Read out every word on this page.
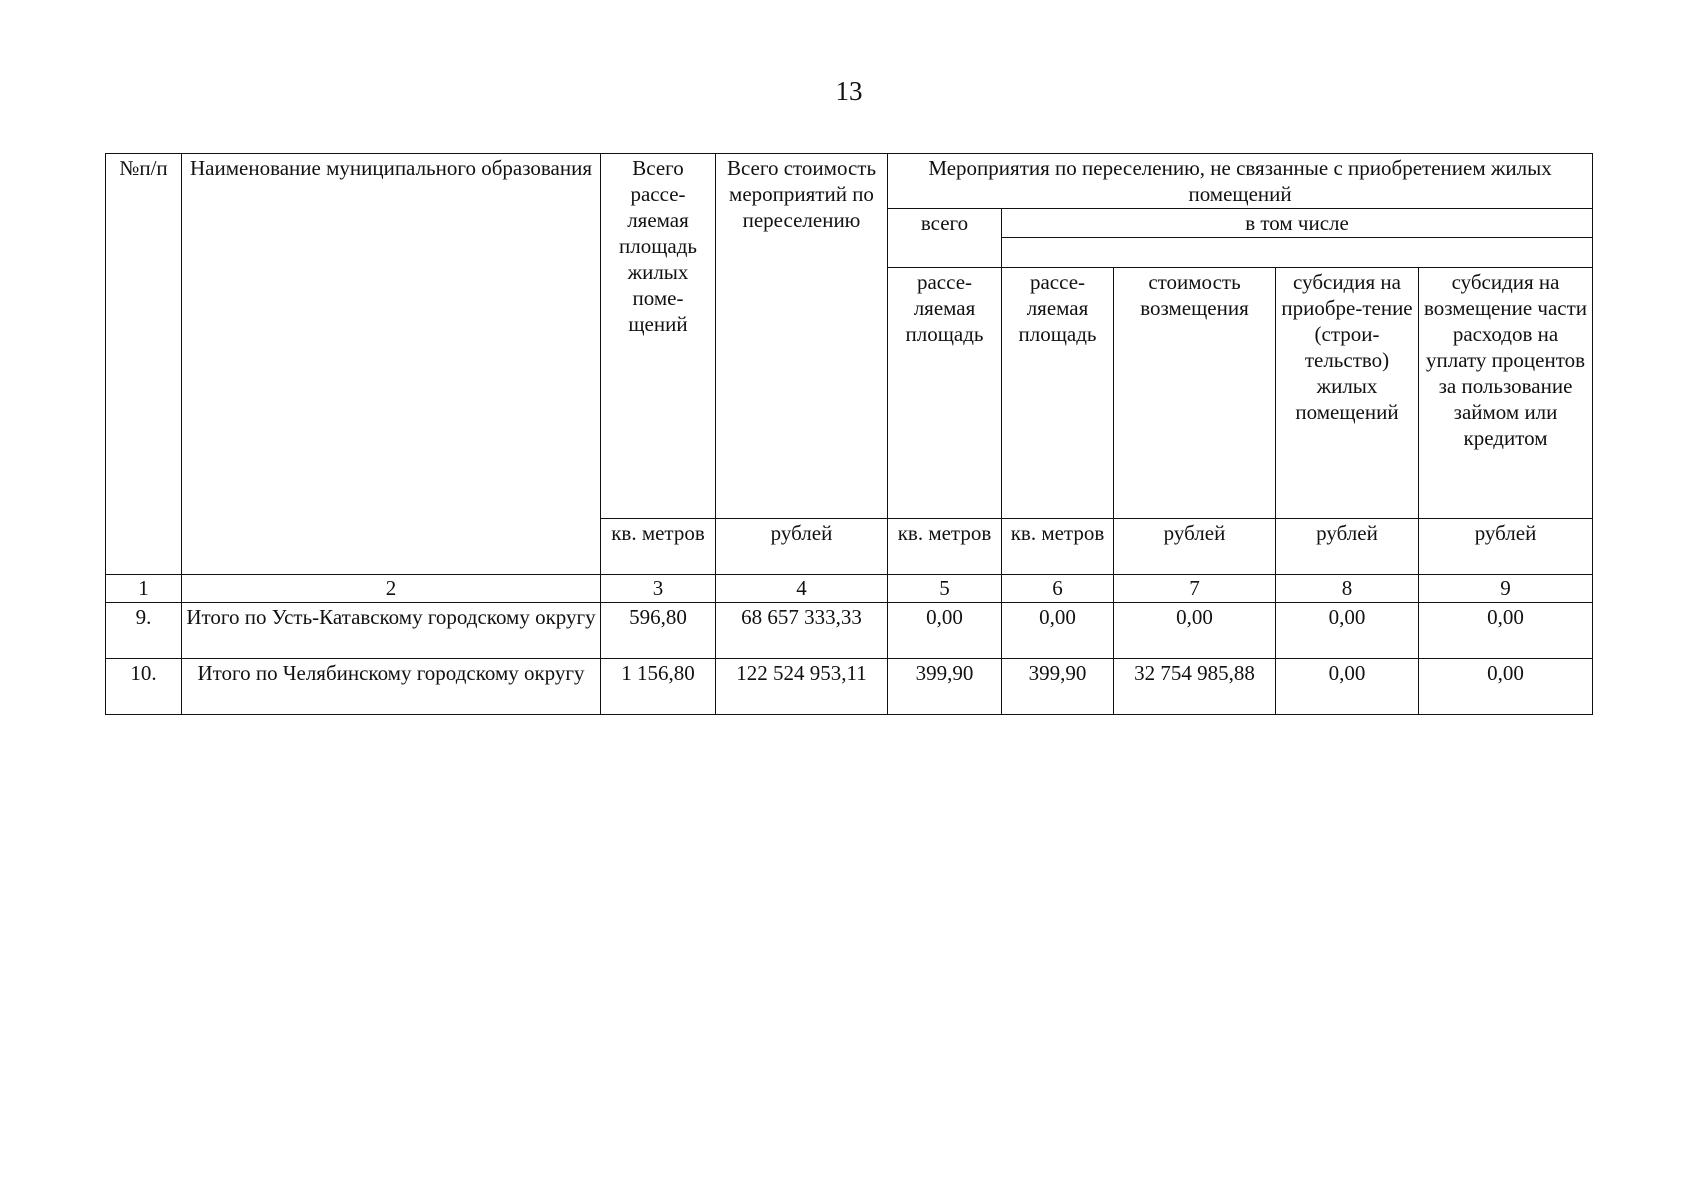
13
№п/п	Наименование муниципального образования	Всего рассе-ляемая площадь жилых поме-щений	Всего стоимость мероприятий по переселению	Мероприятия по переселению, не связанные с приобретением жилых помещений				
				всего	в том числе			

				рассе-ляемая площадь	рассе-ляемая площадь	стоимость возмещения	субсидия на приобре-тение (строи-тельство) жилых помещений	субсидия на возмещение части расходов на уплату процентов за пользование займом или кредитом
		кв. метров	рублей	кв. метров	кв. метров	рублей	рублей	рублей
1	2	3	4	5	6	7	8	9
9.	Итого по Усть-Катавскому городскому округу	596,80	68 657 333,33	0,00	0,00	0,00	0,00	0,00
10.	Итого по Челябинскому городскому округу	1 156,80	122 524 953,11	399,90	399,90	32 754 985,88	0,00	0,00
